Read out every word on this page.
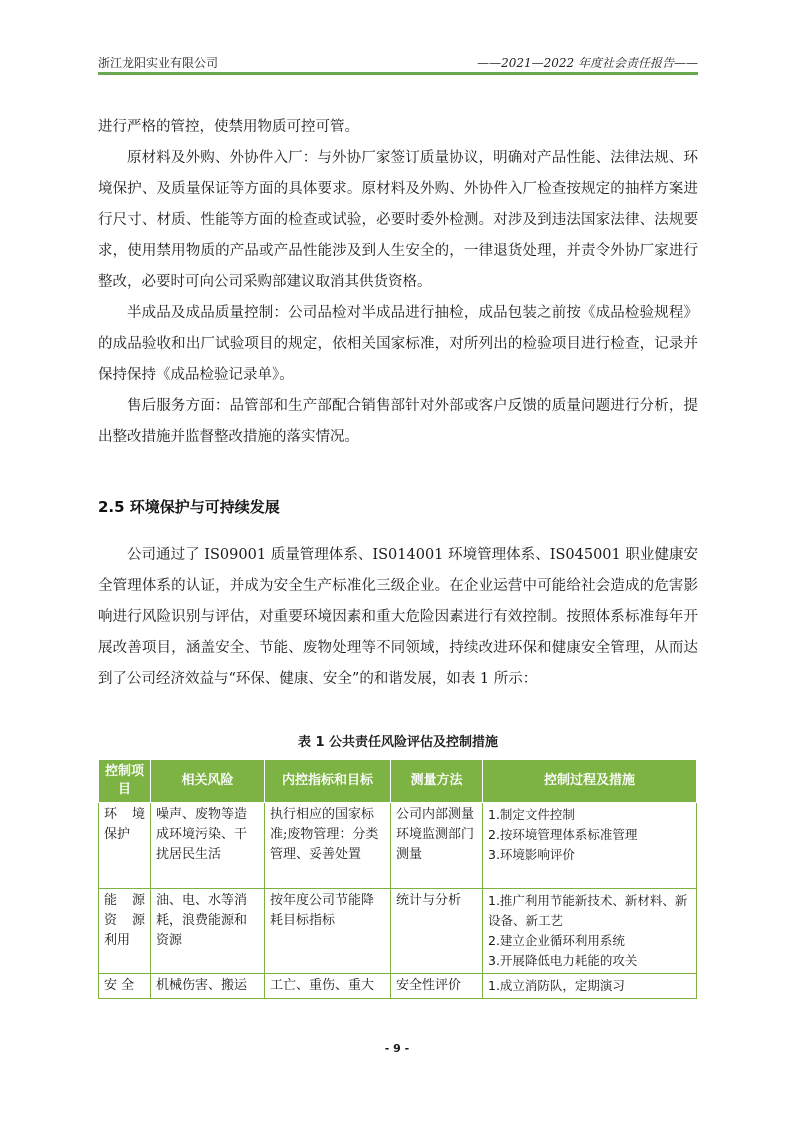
浙江龙阳实业有限公司	——2021—2022 年度社会责任报告——

进行严格的管控，使禁用物质可控可管。

原材料及外购、外协件入厂：与外协厂家签订质量协议，明确对产品性能、法律法规、环境保护、及质量保证等方面的具体要求。原材料及外购、外协件入厂检查按规定的抽样方案进行尺寸、材质、性能等方面的检查或试验，必要时委外检测。对涉及到违法国家法律、法规要求，使用禁用物质的产品或产品性能涉及到人生安全的，一律退货处理，并责令外协厂家进行整改，必要时可向公司采购部建议取消其供货资格。

半成品及成品质量控制：公司品检对半成品进行抽检，成品包装之前按《成品检验规程》的成品验收和出厂试验项目的规定，依相关国家标准，对所列出的检验项目进行检查，记录并保持保持《成品检验记录单》。

售后服务方面：品管部和生产部配合销售部针对外部或客户反馈的质量问题进行分析，提出整改措施并监督整改措施的落实情况。

2.5 环境保护与可持续发展

公司通过了 IS09001 质量管理体系、IS014001 环境管理体系、IS045001 职业健康安全管理体系的认证，并成为安全生产标准化三级企业。在企业运营中可能给社会造成的危害影响进行风险识别与评估，对重要环境因素和重大危险因素进行有效控制。按照体系标准每年开展改善项目，涵盖安全、节能、废物处理等不同领域，持续改进环保和健康安全管理，从而达到了公司经济效益与“环保、健康、安全”的和谐发展，如表 1 所示：

表 1 公共责任风险评估及控制措施
控制项目	相关风险	内控指标和目标	测量方法	控制过程及措施
环 境 保护	噪声、废物等造成环境污染、干扰居民生活	执行相应的国家标准;废物管理：分类管理、妥善处置	公司内部测量 环境监测部门测量	1.制定文件控制
2.按环境管理体系标准管理
3.环境影响评价

能源 资 源 利用	油、电、水等消耗，浪费能源和资源	按年度公司节能降耗目标指标	统计与分析	1.推广利用节能新技术、新材料、新设备、新工艺
2.建立企业循环利用系统
3.开展降低电力耗能的攻关

安 全	机械伤害、搬运	工亡、重伤、重大	安全性评价	1.成立消防队，定期演习
- 9 -
